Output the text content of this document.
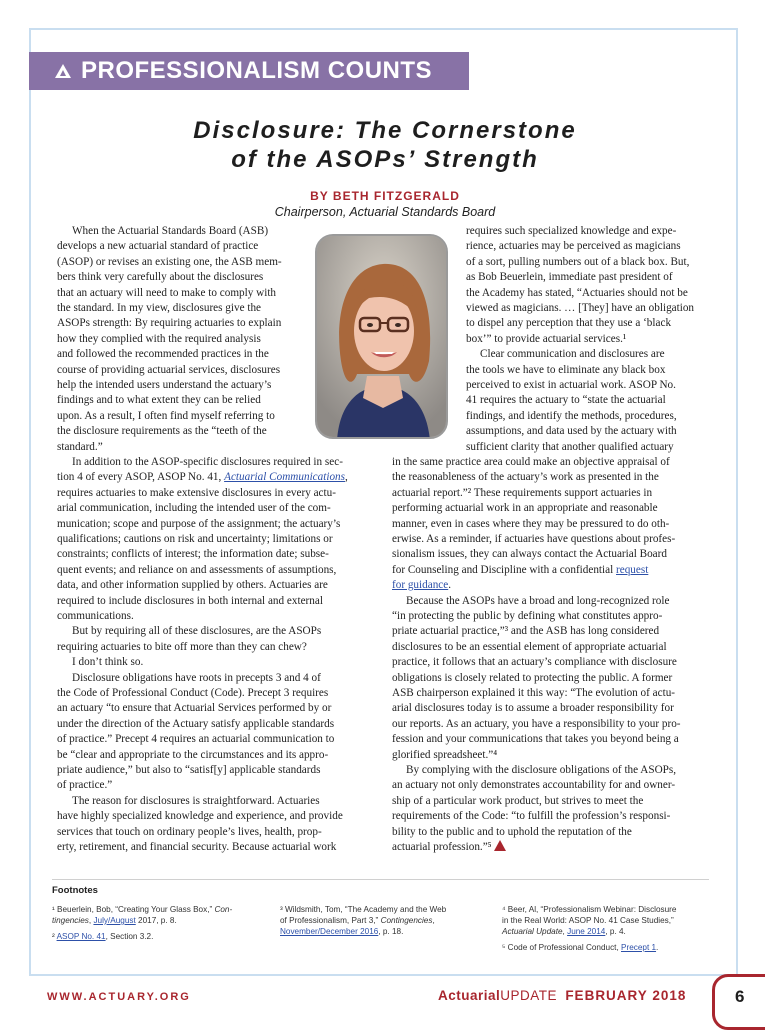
PROFESSIONALISM COUNTS
Disclosure: The Cornerstone
of the ASOPs’ Strength
BY BETH FITZGERALD
Chairperson, Actuarial Standards Board
When the Actuarial Standards Board (ASB)
develops a new actuarial standard of practice
(ASOP) or revises an existing one, the ASB mem-
bers think very carefully about the disclosures
that an actuary will need to make to comply with
the standard. In my view, disclosures give the
ASOPs strength: By requiring actuaries to explain
how they complied with the required analysis
and followed the recommended practices in the
course of providing actuarial services, disclosures
help the intended users understand the actuary’s
findings and to what extent they can be relied
upon. As a result, I often find myself referring to
the disclosure requirements as the “teeth of the
standard.”
In addition to the ASOP-specific disclosures required in sec-
tion 4 of every ASOP, ASOP No. 41, Actuarial Communications,
requires actuaries to make extensive disclosures in every actu-
arial communication, including the intended user of the com-
munication; scope and purpose of the assignment; the actuary’s
qualifications; cautions on risk and uncertainty; limitations or
constraints; conflicts of interest; the information date; subse-
quent events; and reliance on and assessments of assumptions,
data, and other information supplied by others. Actuaries are
required to include disclosures in both internal and external
communications.
But by requiring all of these disclosures, are the ASOPs
requiring actuaries to bite off more than they can chew?
I don’t think so.
Disclosure obligations have roots in precepts 3 and 4 of
the Code of Professional Conduct (Code). Precept 3 requires
an actuary “to ensure that Actuarial Services performed by or
under the direction of the Actuary satisfy applicable standards
of practice.” Precept 4 requires an actuarial communication to
be “clear and appropriate to the circumstances and its appro-
priate audience,” but also to “satisf[y] applicable standards
of practice.”
The reason for disclosures is straightforward. Actuaries
have highly specialized knowledge and experience, and provide
services that touch on ordinary people’s lives, health, prop-
erty, retirement, and financial security. Because actuarial work
requires such specialized knowledge and expe-
rience, actuaries may be perceived as magicians
of a sort, pulling numbers out of a black box. But,
as Bob Beuerlein, immediate past president of
the Academy has stated, “Actuaries should not be
viewed as magicians. … [They] have an obligation
to dispel any perception that they use a ‘black
box’” to provide actuarial services.¹
Clear communication and disclosures are
the tools we have to eliminate any black box
perceived to exist in actuarial work. ASOP No.
41 requires the actuary to “state the actuarial
findings, and identify the methods, procedures,
assumptions, and data used by the actuary with
sufficient clarity that another qualified actuary
in the same practice area could make an objective appraisal of
the reasonableness of the actuary’s work as presented in the
actuarial report.”² These requirements support actuaries in
performing actuarial work in an appropriate and reasonable
manner, even in cases where they may be pressured to do oth-
erwise. As a reminder, if actuaries have questions about profes-
sionalism issues, they can always contact the Actuarial Board
for Counseling and Discipline with a confidential request
for guidance.
Because the ASOPs have a broad and long-recognized role
“in protecting the public by defining what constitutes appro-
priate actuarial practice,”³ and the ASB has long considered
disclosures to be an essential element of appropriate actuarial
practice, it follows that an actuary’s compliance with disclosure
obligations is closely related to protecting the public. A former
ASB chairperson explained it this way: “The evolution of actu-
arial disclosures today is to assume a broader responsibility for
our reports. As an actuary, you have a responsibility to your pro-
fession and your communications that takes you beyond being a
glorified spreadsheet.”⁴
By complying with the disclosure obligations of the ASOPs,
an actuary not only demonstrates accountability for and owner-
ship of a particular work product, but strives to meet the
requirements of the Code: “to fulfill the profession’s responsi-
bility to the public and to uphold the reputation of the
actuarial profession.”⁵
Footnotes
¹ Beuerlein, Bob, “Creating Your Glass Box,” Con-
tingencies, July/August 2017, p. 8.
² ASOP No. 41, Section 3.2.
³ Wildsmith, Tom, “The Academy and the Web
of Professionalism, Part 3,” Contingencies,
November/December 2016, p. 18.
⁴ Beer, Al, “Professionalism Webinar: Disclosure
in the Real World: ASOP No. 41 Case Studies,”
Actuarial Update, June 2014, p. 4.
⁵ Code of Professional Conduct, Precept 1.
WWW.ACTUARY.ORG	ActuarialUPDATE FEBRUARY 2018	6
